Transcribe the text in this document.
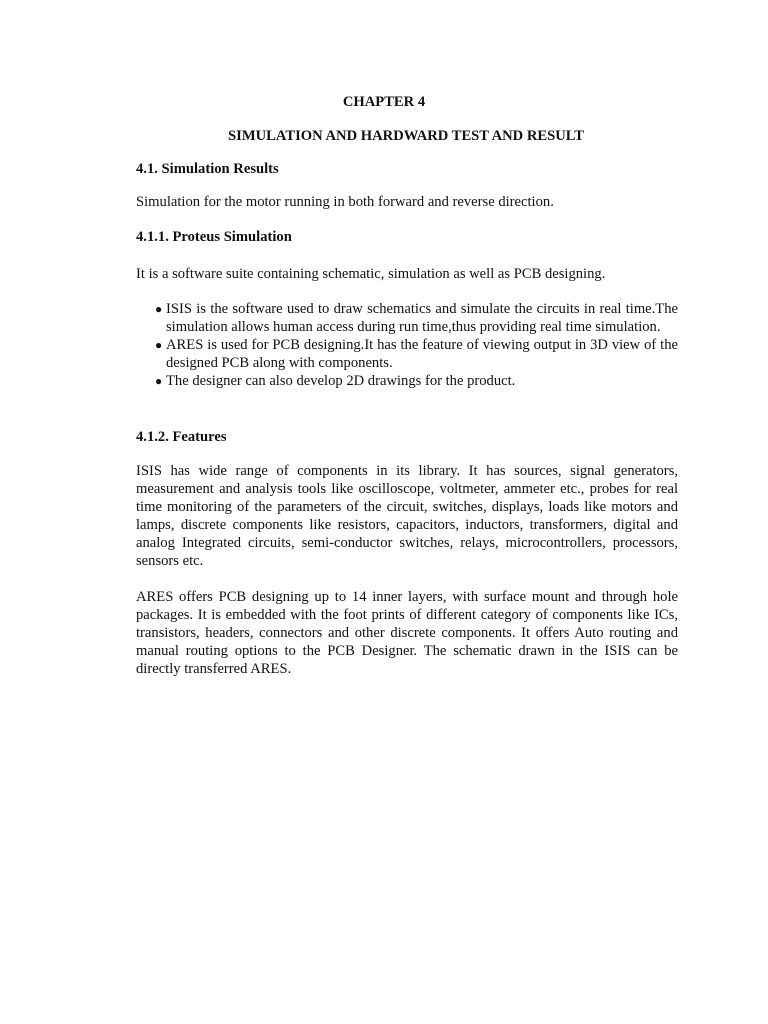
CHAPTER 4
SIMULATION AND HARDWARD TEST AND RESULT
4.1. Simulation Results

Simulation for the motor running in both forward and reverse direction.

4.1.1. Proteus Simulation

It is a software suite containing schematic, simulation as well as PCB designing.

● ISIS is the software used to draw schematics and simulate the circuits in real time.The simulation allows human access during run time,thus providing real time simulation.
● ARES is used for PCB designing.It has the feature of viewing output in 3D view of the designed PCB along with components.
● The designer can also develop 2D drawings for the product.
4.1.2. Features

ISIS has wide range of components in its library. It has sources, signal generators, measurement and analysis tools like oscilloscope, voltmeter, ammeter etc., probes for real time monitoring of the parameters of the circuit, switches, displays, loads like motors and lamps, discrete components like resistors, capacitors, inductors, transformers, digital and analog Integrated circuits, semi-conductor switches, relays, microcontrollers, processors, sensors etc.

ARES offers PCB designing up to 14 inner layers, with surface mount and through hole packages. It is embedded with the foot prints of different category of components like ICs, transistors, headers, connectors and other discrete components. It offers Auto routing and manual routing options to the PCB Designer. The schematic drawn in the ISIS can be directly transferred ARES.
